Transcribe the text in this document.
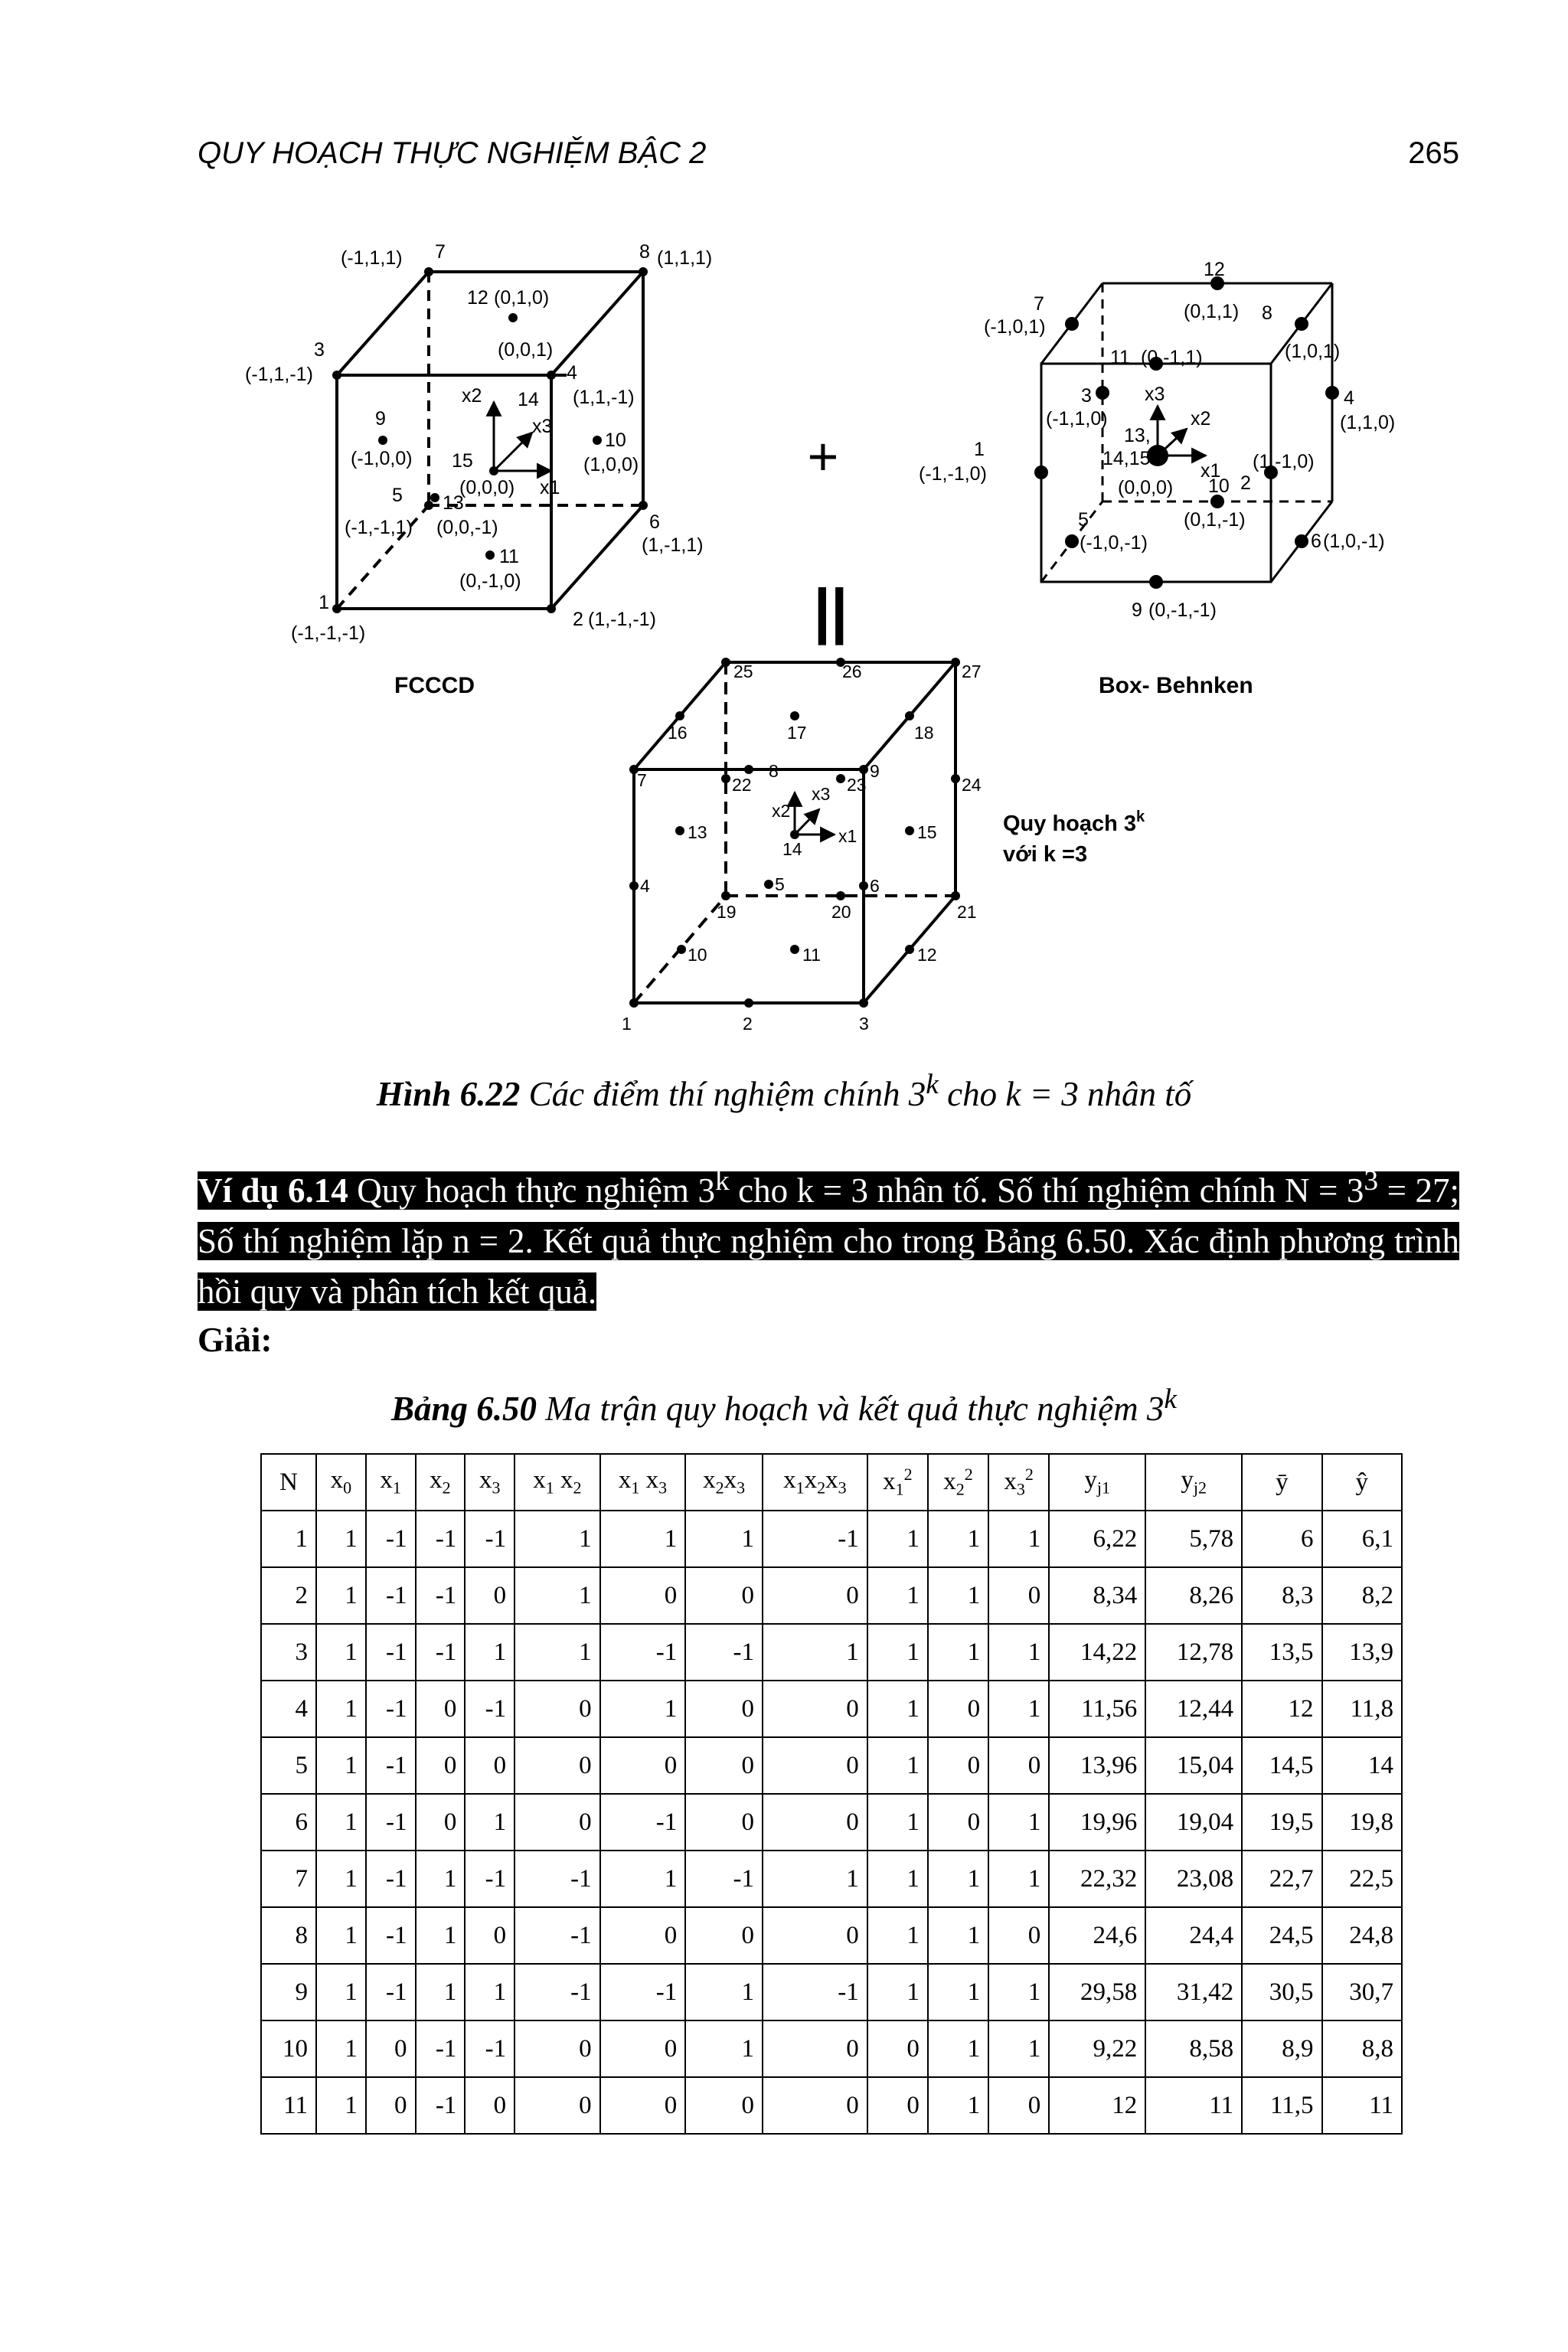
QUY HOẠCH THỰC NGHIỆM BẬC 2	265
1
(-1,-1,-1)
2 (1,-1,-1)
3
(-1,1,-1)	4
(1,1,-1)
5
(-1,-1,1)	6
(1,-1,1)
7
(-1,1,1)	8 (1,1,1)
9
(-1,0,0)
10
(1,0,0)
11
(0,-1,0)
12 (0,1,0)
13
(0,0,-1)
14
(0,0,1)
15
(0,0,0)
x2
x3
x1
FCCCD
+
||
1
(-1,-1,0)	2
(1,-1,0)
3
(-1,1,0)
4
(1,1,0)
5
(-1,0,-1)	6 (1,0,-1)
7
(-1,0,1)
8
(1,0,1)
9 (0,-1,-1)
10
(0,1,-1)
11 (0,-1,1)
12
(0,1,1)
13,
14,15
(0,0,0)
x3
x2
x1
Box- Behnken
1	2	3
4	5	6
7	8	9
10	11	12
13
14
15
16	17	18
19	20	21
22	23	24
25	26	27
x2
x3
x1	Quy hoạch 3$^k$
với k =3
Hình 6.22 Các điểm thí nghiệm chính 3$^k$ cho k = 3 nhân tố
Ví dụ 6.14 Quy hoạch thực nghiệm 3$^k$ cho k = 3 nhân tố. Số thí nghiệm chính $N = 3^3 = 27$; Số thí nghiệm lặp n = 2. Kết quả thực nghiệm cho trong Bảng 6.50. Xác định phương trình hồi quy và phân tích kết quả.
Giải:
Bảng 6.50 Ma trận quy hoạch và kết quả thực nghiệm 3$^k$
N	$x_0$	$x_1$	$x_2$	$x_3$	$x_1$ $x_2$	$x_1$ $x_3$	$x_2x_3$	$x_1x_2x_3$	$x_1^2$	$x_2^2$	$x_3^2$	$y_{j1}$	$y_{j2}$	ȳ	ŷ
1	1	-1	-1	-1	1	1	1	-1	1	1	1	6,22	5,78	6	6,1
2	1	-1	-1	0	1	0	0	0	1	1	0	8,34	8,26	8,3	8,2
3	1	-1	-1	1	1	-1	-1	1	1	1	1	14,22	12,78	13,5	13,9
4	1	-1	0	-1	0	1	0	0	1	0	1	11,56	12,44	12	11,8
5	1	-1	0	0	0	0	0	0	1	0	0	13,96	15,04	14,5	14
6	1	-1	0	1	0	-1	0	0	1	0	1	19,96	19,04	19,5	19,8
7	1	-1	1	-1	-1	1	-1	1	1	1	1	22,32	23,08	22,7	22,5
8	1	-1	1	0	-1	0	0	0	1	1	0	24,6	24,4	24,5	24,8
9	1	-1	1	1	-1	-1	1	-1	1	1	1	29,58	31,42	30,5	30,7
10	1	0	-1	-1	0	0	1	0	0	1	1	9,22	8,58	8,9	8,8
11	1	0	-1	0	0	0	0	0	0	1	0	12	11	11,5	11
